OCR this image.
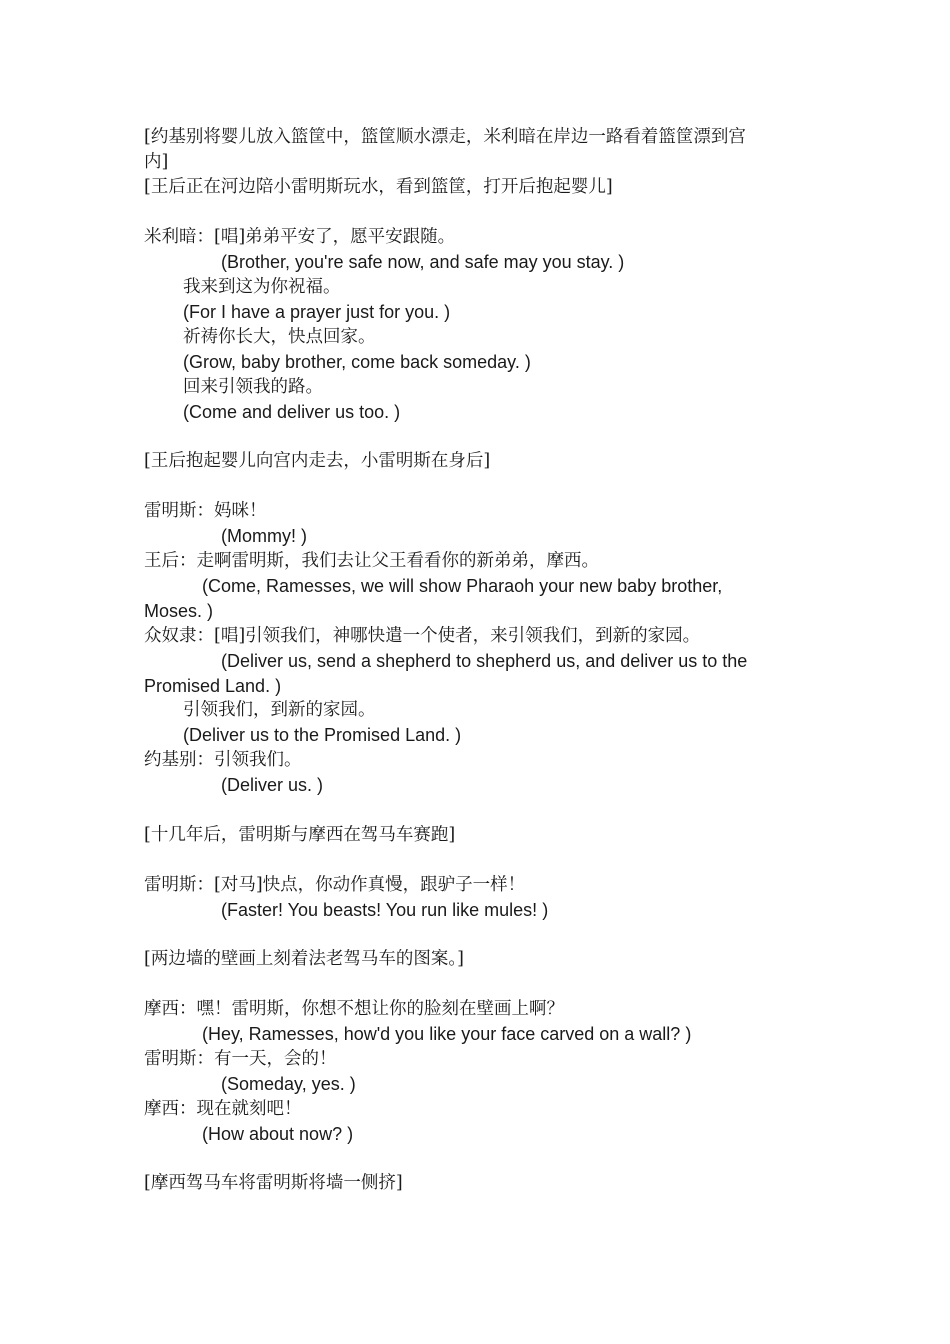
[约基别将婴儿放入篮筐中，篮筐顺水漂走，米利暗在岸边一路看着篮筐漂到宫
内]
[王后正在河边陪小雷明斯玩水，看到篮筐，打开后抱起婴儿]
米利暗：[唱]弟弟平安了，愿平安跟随。
(Brother, you're safe now, and safe may you stay. )
我来到这为你祝福。
(For I have a prayer just for you. )
祈祷你长大，快点回家。
(Grow, baby brother, come back someday. )
回来引领我的路。
(Come and deliver us too. )
[王后抱起婴儿向宫内走去，小雷明斯在身后]
雷明斯：妈咪！
(Mommy! )
王后：走啊雷明斯，我们去让父王看看你的新弟弟，摩西。
(Come, Ramesses, we will show Pharaoh your new baby brother,
Moses. )
众奴隶：[唱]引领我们，神哪快遣一个使者，来引领我们，到新的家园。
(Deliver us, send a shepherd to shepherd us, and deliver us to the
Promised Land. )
引领我们，到新的家园。
(Deliver us to the Promised Land. )
约基别：引领我们。
(Deliver us. )
[十几年后，雷明斯与摩西在驾马车赛跑]
雷明斯：[对马]快点，你动作真慢，跟驴子一样！
(Faster! You beasts! You run like mules! )
[两边墙的壁画上刻着法老驾马车的图案。]
摩西：嘿！雷明斯，你想不想让你的脸刻在壁画上啊？
(Hey, Ramesses, how'd you like your face carved on a wall? )
雷明斯：有一天，会的！
(Someday, yes. )
摩西：现在就刻吧！
(How about now? )
[摩西驾马车将雷明斯将墙一侧挤]
